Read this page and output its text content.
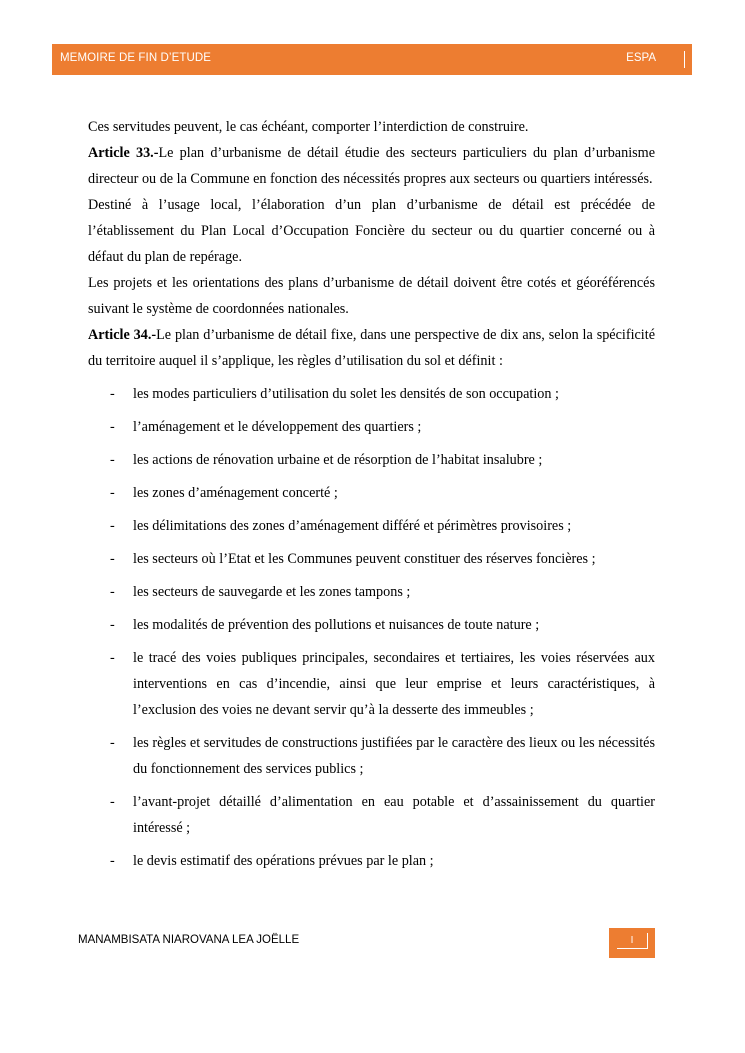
MEMOIRE DE FIN D’ETUDE	ESPA

Ces servitudes peuvent, le cas échéant, comporter l’interdiction de construire.

Article 33.-Le plan d’urbanisme de détail étudie des secteurs particuliers du plan d’urbanisme directeur ou de la Commune en fonction des nécessités propres aux secteurs ou quartiers intéressés.

Destiné à l’usage local, l’élaboration d’un plan d’urbanisme de détail est précédée de l’établissement du Plan Local d’Occupation Foncière du secteur ou du quartier concerné ou à défaut du plan de repérage.

Les projets et les orientations des plans d’urbanisme de détail doivent être cotés et géoréférencés suivant le système de coordonnées nationales.

Article 34.-Le plan d’urbanisme de détail fixe, dans une perspective de dix ans, selon la spécificité du territoire auquel il s’applique, les règles d’utilisation du sol et définit :

- les modes particuliers d’utilisation du solet les densités de son occupation ;
- l’aménagement et le développement des quartiers ;
- les actions de rénovation urbaine et de résorption de l’habitat insalubre ;
- les zones d’aménagement concerté ;
- les délimitations des zones d’aménagement différé et périmètres provisoires ;
- les secteurs où l’Etat et les Communes peuvent constituer des réserves foncières ;
- les secteurs de sauvegarde et les zones tampons ;
- les modalités de prévention des pollutions et nuisances de toute nature ;
- le tracé des voies publiques principales, secondaires et tertiaires, les voies réservées aux interventions en cas d’incendie, ainsi que leur emprise et leurs caractéristiques, à l’exclusion des voies ne devant servir qu’à la desserte des immeubles ;
- les règles et servitudes de constructions justifiées par le caractère des lieux ou les nécessités du fonctionnement des services publics ;
- l’avant-projet détaillé d’alimentation en eau potable et d’assainissement du quartier intéressé ;
- le devis estimatif des opérations prévues par le plan ;
MANAMBISATA NIAROVANA LEA JOËLLE	I
